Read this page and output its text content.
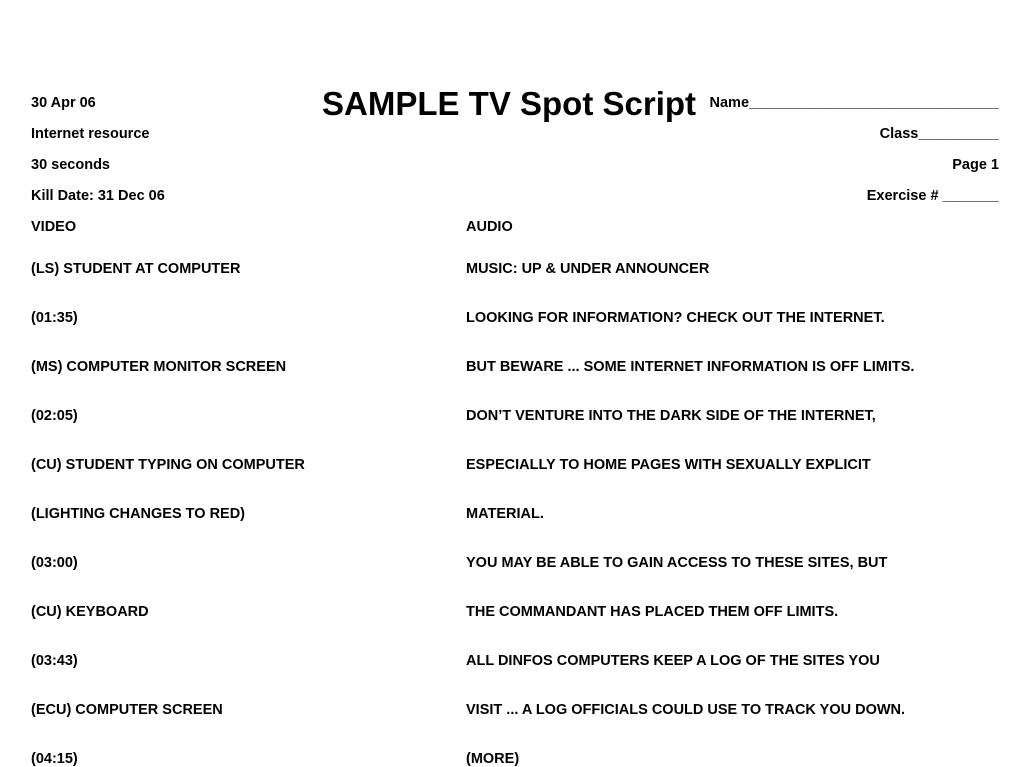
SAMPLE TV Spot Script
30 Apr 06
Internet resource
30 seconds
Kill Date: 31 Dec 06
Name_______________________________
Class__________
Page 1
Exercise # _______
VIDEO	AUDIO
(LS) STUDENT AT COMPUTER	MUSIC: UP & UNDER ANNOUNCER
(01:35)	LOOKING FOR INFORMATION? CHECK OUT THE INTERNET.
(MS) COMPUTER MONITOR SCREEN	BUT BEWARE ... SOME INTERNET INFORMATION IS OFF LIMITS.
(02:05)	DON’T VENTURE INTO THE DARK SIDE OF THE INTERNET,
(CU) STUDENT TYPING ON COMPUTER	ESPECIALLY TO HOME PAGES WITH SEXUALLY EXPLICIT
(LIGHTING CHANGES TO RED)	MATERIAL.
(03:00)	YOU MAY BE ABLE TO GAIN ACCESS TO THESE SITES, BUT
(CU) KEYBOARD	THE COMMANDANT HAS PLACED THEM OFF LIMITS.
(03:43)	ALL DINFOS COMPUTERS KEEP A LOG OF THE SITES YOU
(ECU) COMPUTER SCREEN	VISIT ... A LOG OFFICIALS COULD USE TO TRACK YOU DOWN.
(04:15)	(MORE)
